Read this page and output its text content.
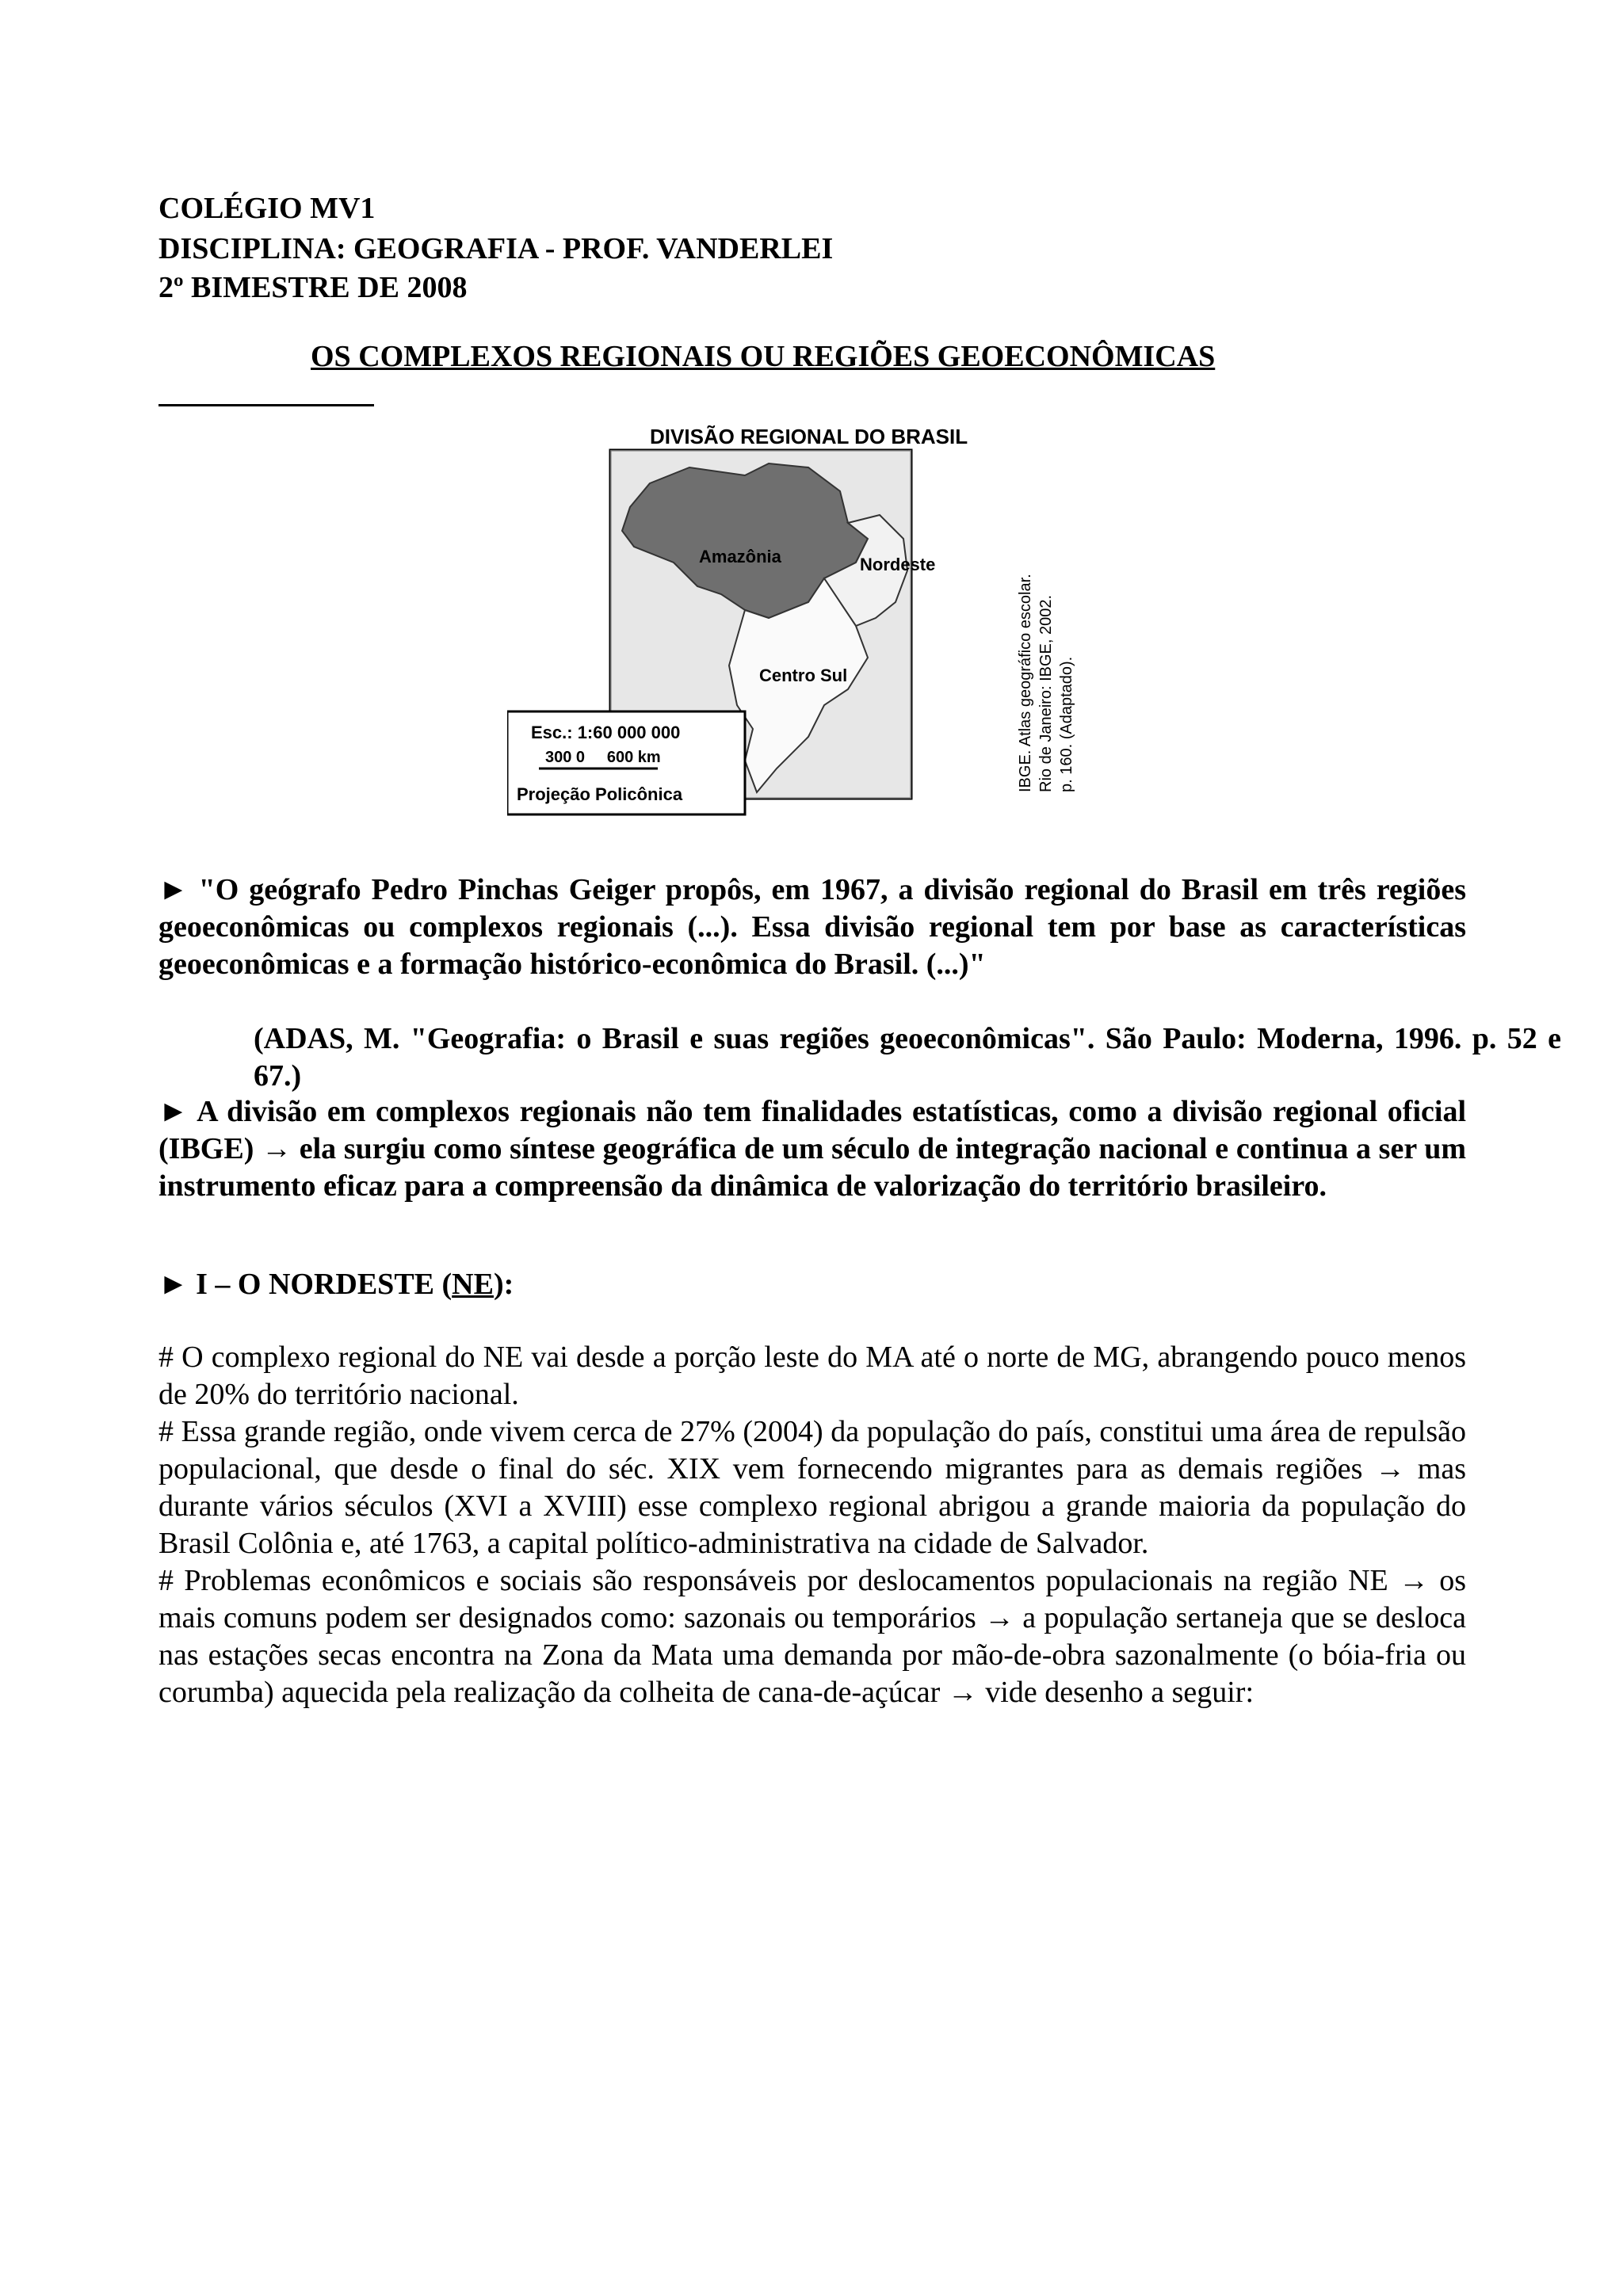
COLÉGIO MV1
DISCIPLINA: GEOGRAFIA - PROF. VANDERLEI
2º BIMESTRE DE 2008
OS COMPLEXOS REGIONAIS OU REGIÕES GEOECONÔMICAS
DIVISÃO REGIONAL DO BRASIL
Amazônia	Nordeste
Centro Sul
Esc.: 1:60 000 000
300 0     600 km
Projeção Policônica
IBGE. Atlas geográfico escolar. Rio de Janeiro: IBGE, 2002. p. 160. (Adaptado).
► "O geógrafo Pedro Pinchas Geiger propôs, em 1967, a divisão regional do Brasil em três regiões geoeconômicas ou complexos regionais (...). Essa divisão regional tem por base as características geoeconômicas e a formação histórico-econômica do Brasil. (...)"
(ADAS, M. "Geografia: o Brasil e suas regiões geoeconômicas". São Paulo: Moderna, 1996. p. 52 e 67.)
► A divisão em complexos regionais não tem finalidades estatísticas, como a divisão regional oficial (IBGE) → ela surgiu como síntese geográfica de um século de integração nacional e continua a ser um instrumento eficaz para a compreensão da dinâmica de valorização do território brasileiro.
► I – O NORDESTE (NE):
# O complexo regional do NE vai desde a porção leste do MA até o norte de MG, abrangendo pouco menos de 20% do território nacional.
# Essa grande região, onde vivem cerca de 27% (2004) da população do país, constitui uma área de repulsão populacional, que desde o final do séc. XIX vem fornecendo migrantes para as demais regiões → mas durante vários séculos (XVI a XVIII) esse complexo regional abrigou a grande maioria da população do Brasil Colônia e, até 1763, a capital político-administrativa na cidade de Salvador.
# Problemas econômicos e sociais são responsáveis por deslocamentos populacionais na região NE → os mais comuns podem ser designados como: sazonais ou temporários → a população sertaneja que se desloca nas estações secas encontra na Zona da Mata uma demanda por mão-de-obra sazonalmente (o bóia-fria ou corumba) aquecida pela realização da colheita de cana-de-açúcar → vide desenho a seguir:
